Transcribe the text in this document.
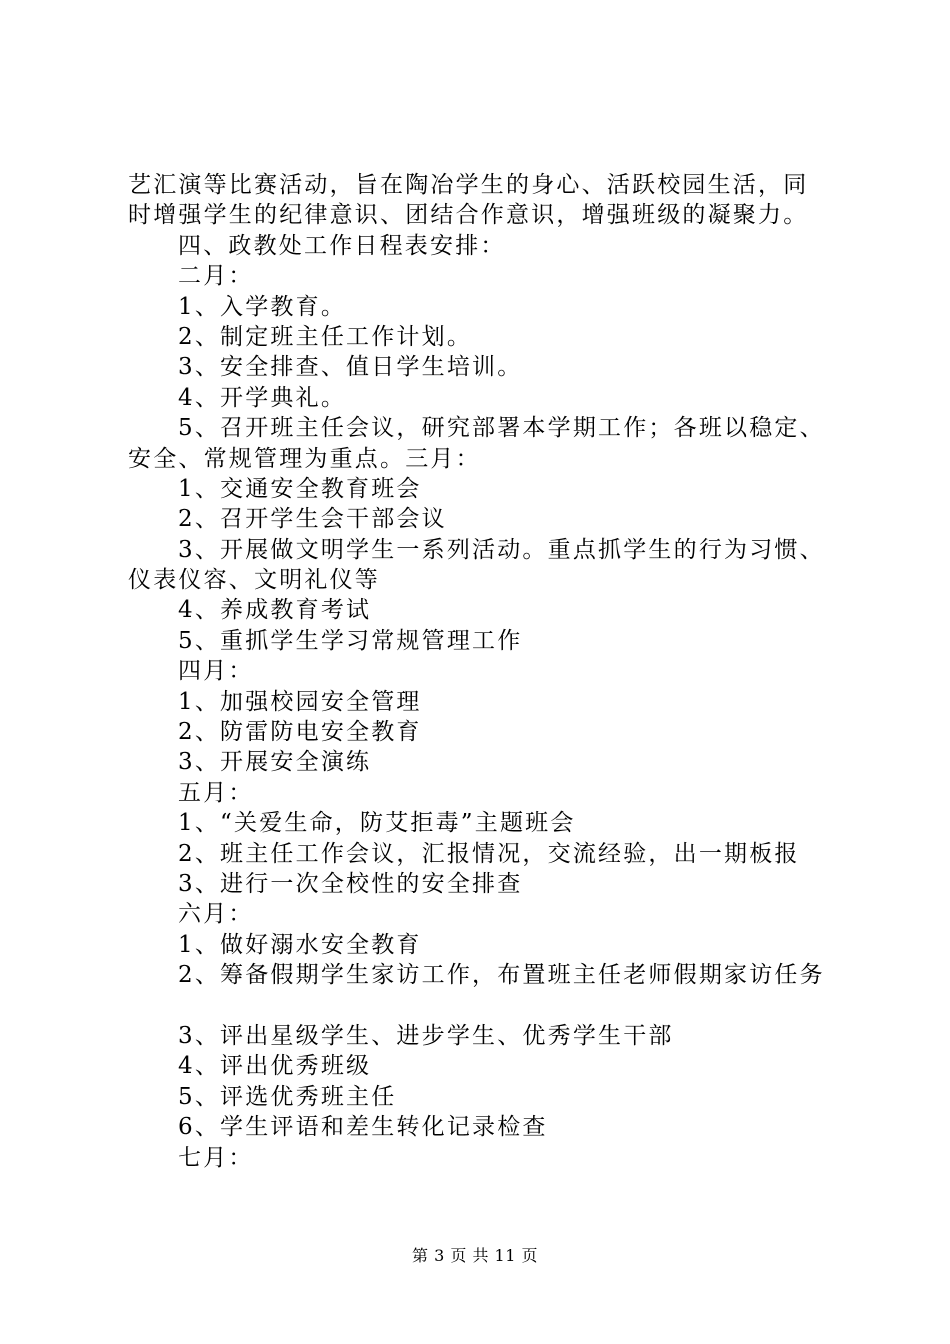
艺汇演等比赛活动，旨在陶冶学生的身心、活跃校园生活，同
时增强学生的纪律意识、团结合作意识，增强班级的凝聚力。
四、政教处工作日程表安排：
二月：
1、入学教育。
2、制定班主任工作计划。
3、安全排查、值日学生培训。
4、开学典礼。
5、召开班主任会议，研究部署本学期工作；各班以稳定、
安全、常规管理为重点。三月：
1、交通安全教育班会
2、召开学生会干部会议
3、开展做文明学生一系列活动。重点抓学生的行为习惯、
仪表仪容、文明礼仪等
4、养成教育考试
5、重抓学生学习常规管理工作
四月：
1、加强校园安全管理
2、防雷防电安全教育
3、开展安全演练
五月：
1、“关爱生命，防艾拒毒”主题班会
2、班主任工作会议，汇报情况，交流经验，出一期板报
3、进行一次全校性的安全排查
六月：
1、做好溺水安全教育
2、筹备假期学生家访工作，布置班主任老师假期家访任务
3、评出星级学生、进步学生、优秀学生干部
4、评出优秀班级
5、评选优秀班主任
6、学生评语和差生转化记录检查
七月：
第 3 页 共 11 页
